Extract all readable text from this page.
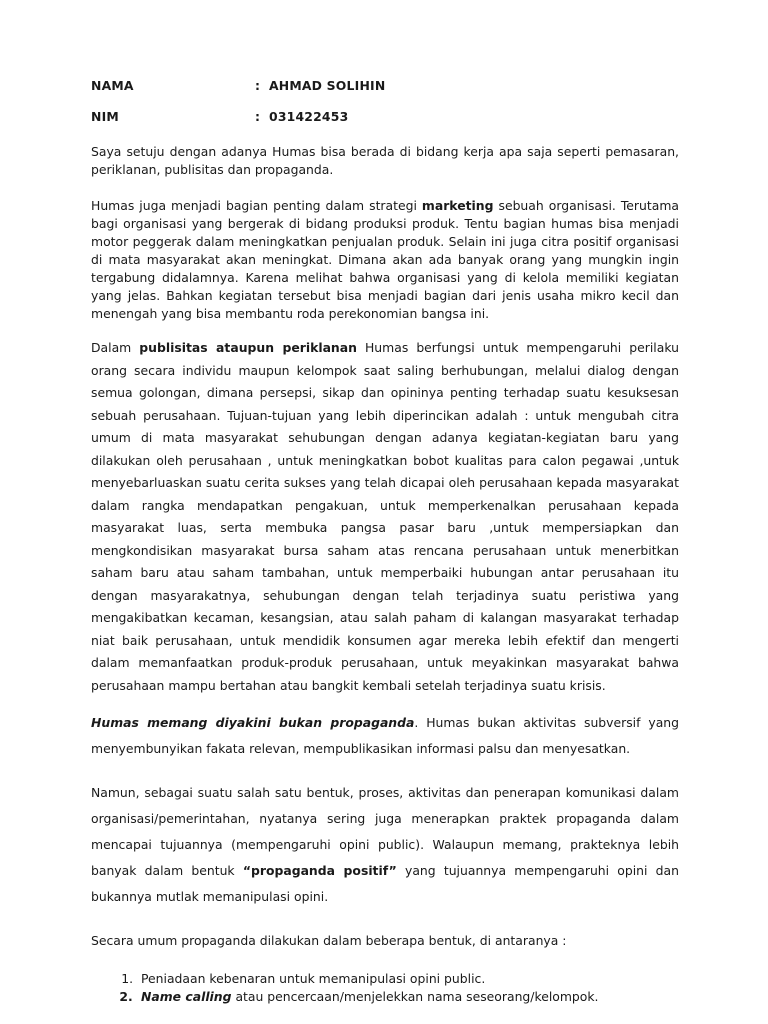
NAMA	: AHMAD SOLIHIN
NIM	: 031422453

Saya setuju dengan adanya Humas bisa berada di bidang kerja apa saja seperti pemasaran, periklanan, publisitas dan propaganda.

Humas juga menjadi bagian penting dalam strategi marketing sebuah organisasi. Terutama bagi organisasi yang bergerak di bidang produksi produk. Tentu bagian humas bisa menjadi motor peggerak dalam meningkatkan penjualan produk. Selain ini juga citra positif organisasi di mata masyarakat akan meningkat. Dimana akan ada banyak orang yang mungkin ingin tergabung didalamnya. Karena melihat bahwa organisasi yang di kelola memiliki kegiatan yang jelas. Bahkan kegiatan tersebut bisa menjadi bagian dari jenis usaha mikro kecil dan menengah yang bisa membantu roda perekonomian bangsa ini.

Dalam publisitas ataupun periklanan Humas berfungsi untuk mempengaruhi perilaku orang secara individu maupun kelompok saat saling berhubungan, melalui dialog dengan semua golongan, dimana persepsi, sikap dan opininya penting terhadap suatu kesuksesan sebuah perusahaan. Tujuan-tujuan yang lebih diperincikan adalah : untuk mengubah citra umum di mata masyarakat sehubungan dengan adanya kegiatan-kegiatan baru yang dilakukan oleh perusahaan , untuk meningkatkan bobot kualitas para calon pegawai ,untuk menyebarluaskan suatu cerita sukses yang telah dicapai oleh perusahaan kepada masyarakat dalam rangka mendapatkan pengakuan, untuk memperkenalkan perusahaan kepada masyarakat luas, serta membuka pangsa pasar baru ,untuk mempersiapkan dan mengkondisikan masyarakat bursa saham atas rencana perusahaan untuk menerbitkan saham baru atau saham tambahan, untuk memperbaiki hubungan antar perusahaan itu dengan masyarakatnya, sehubungan dengan telah terjadinya suatu peristiwa yang mengakibatkan kecaman, kesangsian, atau salah paham di kalangan masyarakat terhadap niat baik perusahaan, untuk mendidik konsumen agar mereka lebih efektif dan mengerti dalam memanfaatkan produk-produk perusahaan, untuk meyakinkan masyarakat bahwa perusahaan mampu bertahan atau bangkit kembali setelah terjadinya suatu krisis.

Humas memang diyakini bukan propaganda. Humas bukan aktivitas subversif yang menyembunyikan fakata relevan, mempublikasikan informasi palsu dan menyesatkan.

Namun, sebagai suatu salah satu bentuk, proses, aktivitas dan penerapan komunikasi dalam organisasi/pemerintahan, nyatanya sering juga menerapkan praktek propaganda dalam mencapai tujuannya (mempengaruhi opini public). Walaupun memang, prakteknya lebih banyak dalam bentuk “propaganda positif” yang tujuannya mempengaruhi opini dan bukannya mutlak memanipulasi opini.

Secara umum propaganda dilakukan dalam beberapa bentuk, di antaranya :

1. Peniadaan kebenaran untuk memanipulasi opini public.
2. Name calling atau pencercaan/menjelekkan nama seseorang/kelompok.
